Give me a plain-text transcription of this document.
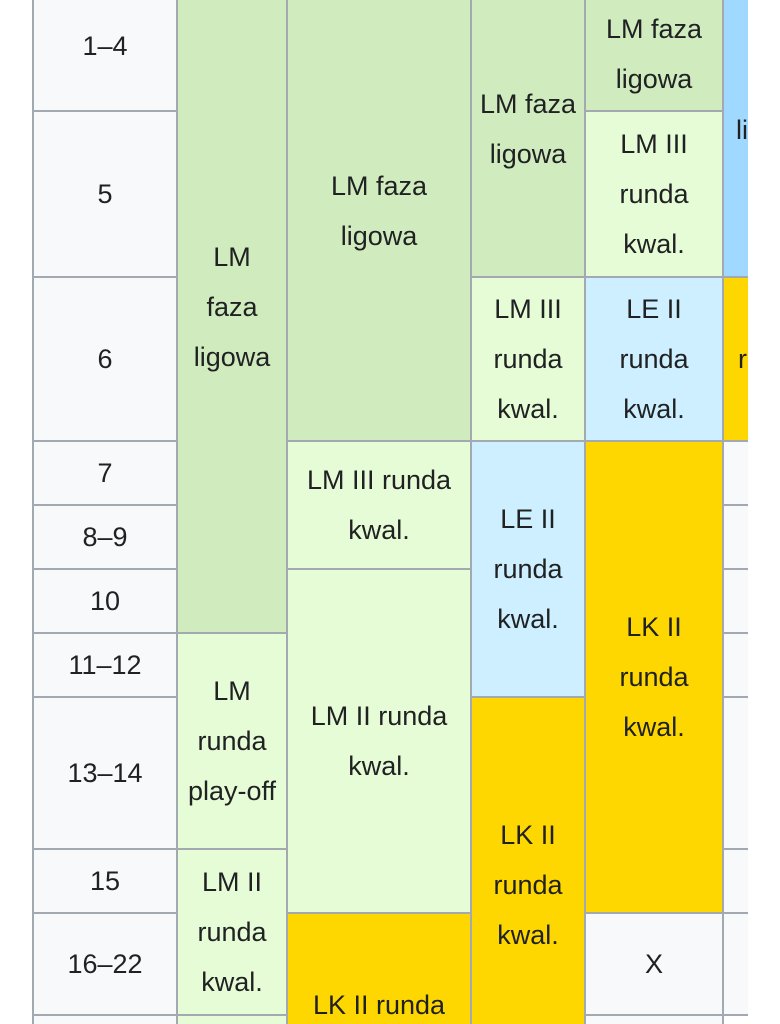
1–4
5
6
7
8–9
10
11–12
13–14
15
16–22
LM faza ligowa
LM runda play-off
LM II runda kwal.
LM faza ligowa
LM III runda kwal.
LM II runda kwal.
LK II runda
LM faza ligowa
LM III runda kwal.
LE II runda kwal.
LK II runda kwal.
LM faza ligowa
LM III runda kwal.
LE II runda kwal.
LK II runda kwal.
X
li
r
